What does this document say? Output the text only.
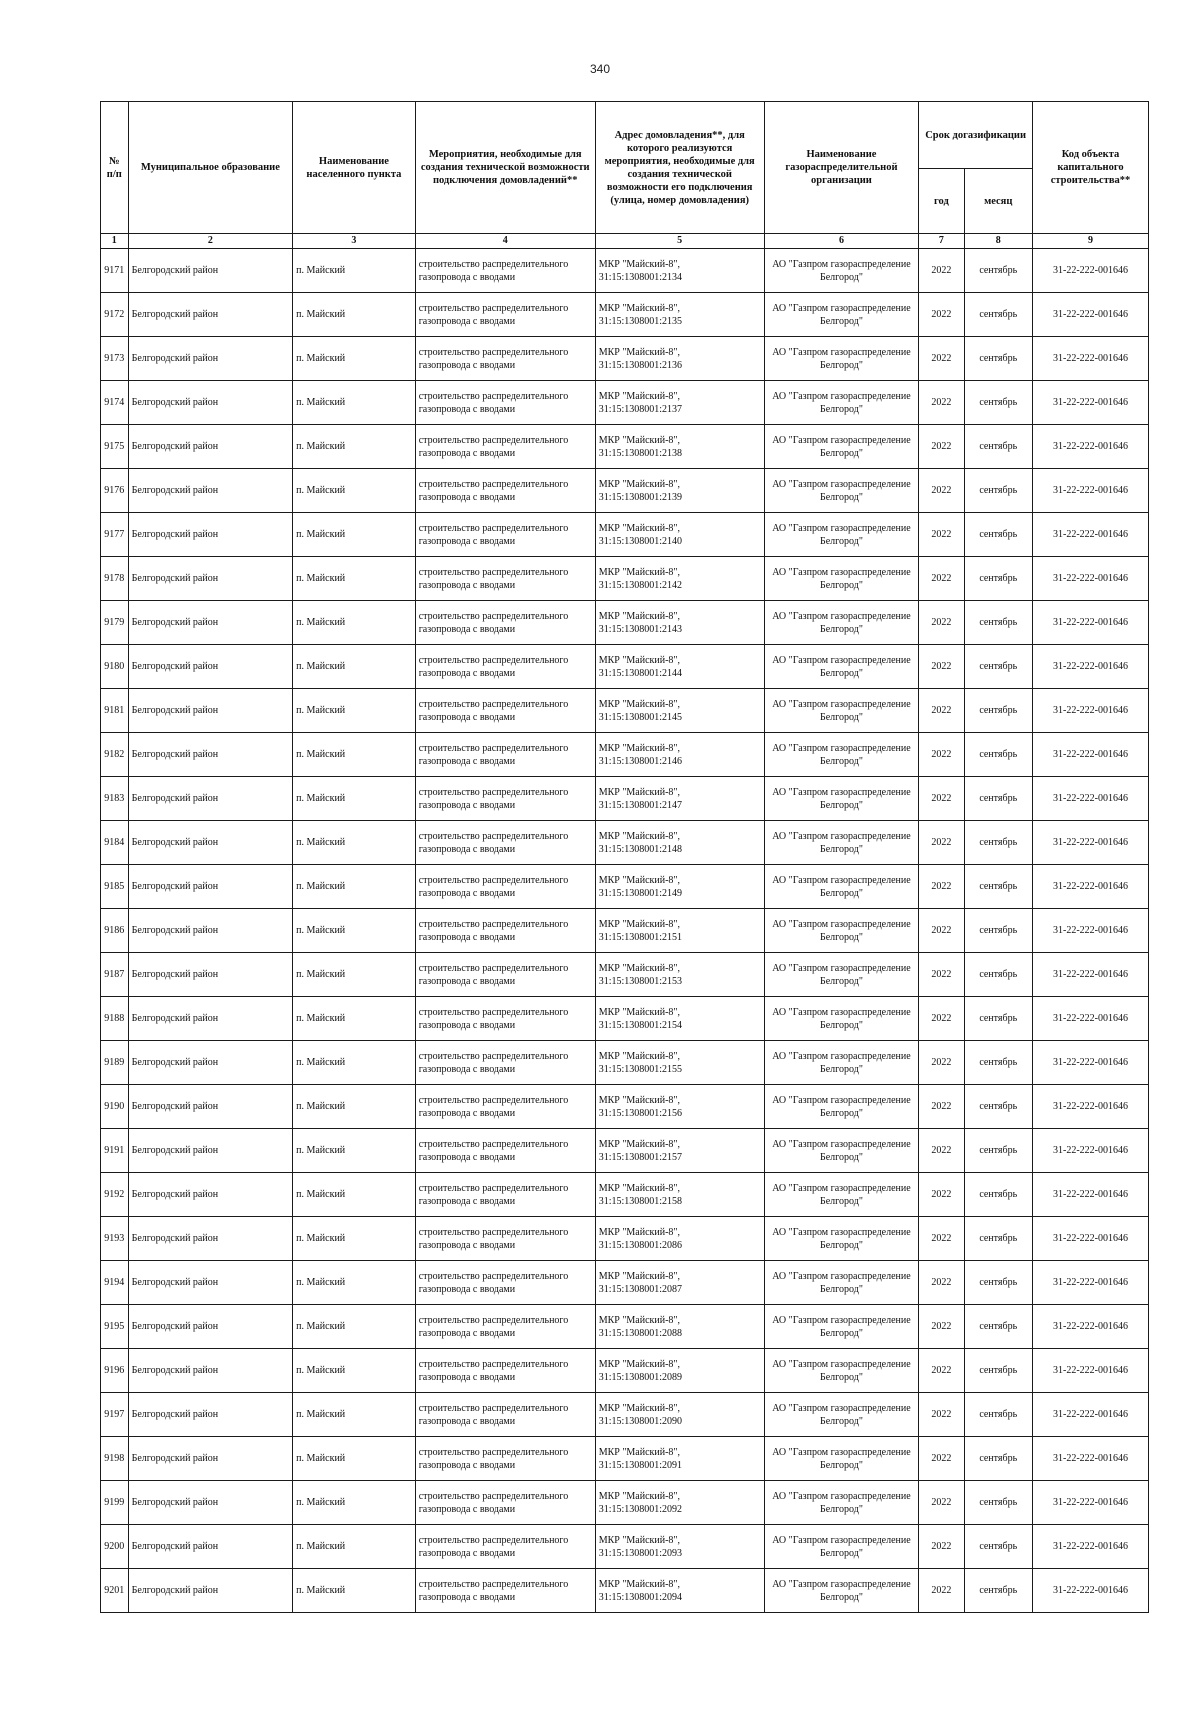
340
№ п/п	Муниципальное образование	Наименование населенного пункта	Мероприятия, необходимые для создания технической возможности подключения домовладений**	Адрес домовладения**, для которого реализуются мероприятия, необходимые для создания технической возможности его подключения (улица, номер домовладения)	Наименование газораспределительной организации	Срок догазификации		Код объекта капитального строительства**
						год	месяц	
1	2	3	4	5	6	7	8	9
9171	Белгородский район	п. Майский	строительство распределительного газопровода с вводами	МКР "Майский-8", 31:15:1308001:2134	АО "Газпром газораспределение Белгород"	2022	сентябрь	31-22-222-001646
9172	Белгородский район	п. Майский	строительство распределительного газопровода с вводами	МКР "Майский-8", 31:15:1308001:2135	АО "Газпром газораспределение Белгород"	2022	сентябрь	31-22-222-001646
9173	Белгородский район	п. Майский	строительство распределительного газопровода с вводами	МКР "Майский-8", 31:15:1308001:2136	АО "Газпром газораспределение Белгород"	2022	сентябрь	31-22-222-001646
9174	Белгородский район	п. Майский	строительство распределительного газопровода с вводами	МКР "Майский-8", 31:15:1308001:2137	АО "Газпром газораспределение Белгород"	2022	сентябрь	31-22-222-001646
9175	Белгородский район	п. Майский	строительство распределительного газопровода с вводами	МКР "Майский-8", 31:15:1308001:2138	АО "Газпром газораспределение Белгород"	2022	сентябрь	31-22-222-001646
9176	Белгородский район	п. Майский	строительство распределительного газопровода с вводами	МКР "Майский-8", 31:15:1308001:2139	АО "Газпром газораспределение Белгород"	2022	сентябрь	31-22-222-001646
9177	Белгородский район	п. Майский	строительство распределительного газопровода с вводами	МКР "Майский-8", 31:15:1308001:2140	АО "Газпром газораспределение Белгород"	2022	сентябрь	31-22-222-001646
9178	Белгородский район	п. Майский	строительство распределительного газопровода с вводами	МКР "Майский-8", 31:15:1308001:2142	АО "Газпром газораспределение Белгород"	2022	сентябрь	31-22-222-001646
9179	Белгородский район	п. Майский	строительство распределительного газопровода с вводами	МКР "Майский-8", 31:15:1308001:2143	АО "Газпром газораспределение Белгород"	2022	сентябрь	31-22-222-001646
9180	Белгородский район	п. Майский	строительство распределительного газопровода с вводами	МКР "Майский-8", 31:15:1308001:2144	АО "Газпром газораспределение Белгород"	2022	сентябрь	31-22-222-001646
9181	Белгородский район	п. Майский	строительство распределительного газопровода с вводами	МКР "Майский-8", 31:15:1308001:2145	АО "Газпром газораспределение Белгород"	2022	сентябрь	31-22-222-001646
9182	Белгородский район	п. Майский	строительство распределительного газопровода с вводами	МКР "Майский-8", 31:15:1308001:2146	АО "Газпром газораспределение Белгород"	2022	сентябрь	31-22-222-001646
9183	Белгородский район	п. Майский	строительство распределительного газопровода с вводами	МКР "Майский-8", 31:15:1308001:2147	АО "Газпром газораспределение Белгород"	2022	сентябрь	31-22-222-001646
9184	Белгородский район	п. Майский	строительство распределительного газопровода с вводами	МКР "Майский-8", 31:15:1308001:2148	АО "Газпром газораспределение Белгород"	2022	сентябрь	31-22-222-001646
9185	Белгородский район	п. Майский	строительство распределительного газопровода с вводами	МКР "Майский-8", 31:15:1308001:2149	АО "Газпром газораспределение Белгород"	2022	сентябрь	31-22-222-001646
9186	Белгородский район	п. Майский	строительство распределительного газопровода с вводами	МКР "Майский-8", 31:15:1308001:2151	АО "Газпром газораспределение Белгород"	2022	сентябрь	31-22-222-001646
9187	Белгородский район	п. Майский	строительство распределительного газопровода с вводами	МКР "Майский-8", 31:15:1308001:2153	АО "Газпром газораспределение Белгород"	2022	сентябрь	31-22-222-001646
9188	Белгородский район	п. Майский	строительство распределительного газопровода с вводами	МКР "Майский-8", 31:15:1308001:2154	АО "Газпром газораспределение Белгород"	2022	сентябрь	31-22-222-001646
9189	Белгородский район	п. Майский	строительство распределительного газопровода с вводами	МКР "Майский-8", 31:15:1308001:2155	АО "Газпром газораспределение Белгород"	2022	сентябрь	31-22-222-001646
9190	Белгородский район	п. Майский	строительство распределительного газопровода с вводами	МКР "Майский-8", 31:15:1308001:2156	АО "Газпром газораспределение Белгород"	2022	сентябрь	31-22-222-001646
9191	Белгородский район	п. Майский	строительство распределительного газопровода с вводами	МКР "Майский-8", 31:15:1308001:2157	АО "Газпром газораспределение Белгород"	2022	сентябрь	31-22-222-001646
9192	Белгородский район	п. Майский	строительство распределительного газопровода с вводами	МКР "Майский-8", 31:15:1308001:2158	АО "Газпром газораспределение Белгород"	2022	сентябрь	31-22-222-001646
9193	Белгородский район	п. Майский	строительство распределительного газопровода с вводами	МКР "Майский-8", 31:15:1308001:2086	АО "Газпром газораспределение Белгород"	2022	сентябрь	31-22-222-001646
9194	Белгородский район	п. Майский	строительство распределительного газопровода с вводами	МКР "Майский-8", 31:15:1308001:2087	АО "Газпром газораспределение Белгород"	2022	сентябрь	31-22-222-001646
9195	Белгородский район	п. Майский	строительство распределительного газопровода с вводами	МКР "Майский-8", 31:15:1308001:2088	АО "Газпром газораспределение Белгород"	2022	сентябрь	31-22-222-001646
9196	Белгородский район	п. Майский	строительство распределительного газопровода с вводами	МКР "Майский-8", 31:15:1308001:2089	АО "Газпром газораспределение Белгород"	2022	сентябрь	31-22-222-001646
9197	Белгородский район	п. Майский	строительство распределительного газопровода с вводами	МКР "Майский-8", 31:15:1308001:2090	АО "Газпром газораспределение Белгород"	2022	сентябрь	31-22-222-001646
9198	Белгородский район	п. Майский	строительство распределительного газопровода с вводами	МКР "Майский-8", 31:15:1308001:2091	АО "Газпром газораспределение Белгород"	2022	сентябрь	31-22-222-001646
9199	Белгородский район	п. Майский	строительство распределительного газопровода с вводами	МКР "Майский-8", 31:15:1308001:2092	АО "Газпром газораспределение Белгород"	2022	сентябрь	31-22-222-001646
9200	Белгородский район	п. Майский	строительство распределительного газопровода с вводами	МКР "Майский-8", 31:15:1308001:2093	АО "Газпром газораспределение Белгород"	2022	сентябрь	31-22-222-001646
9201	Белгородский район	п. Майский	строительство распределительного газопровода с вводами	МКР "Майский-8", 31:15:1308001:2094	АО "Газпром газораспределение Белгород"	2022	сентябрь	31-22-222-001646
